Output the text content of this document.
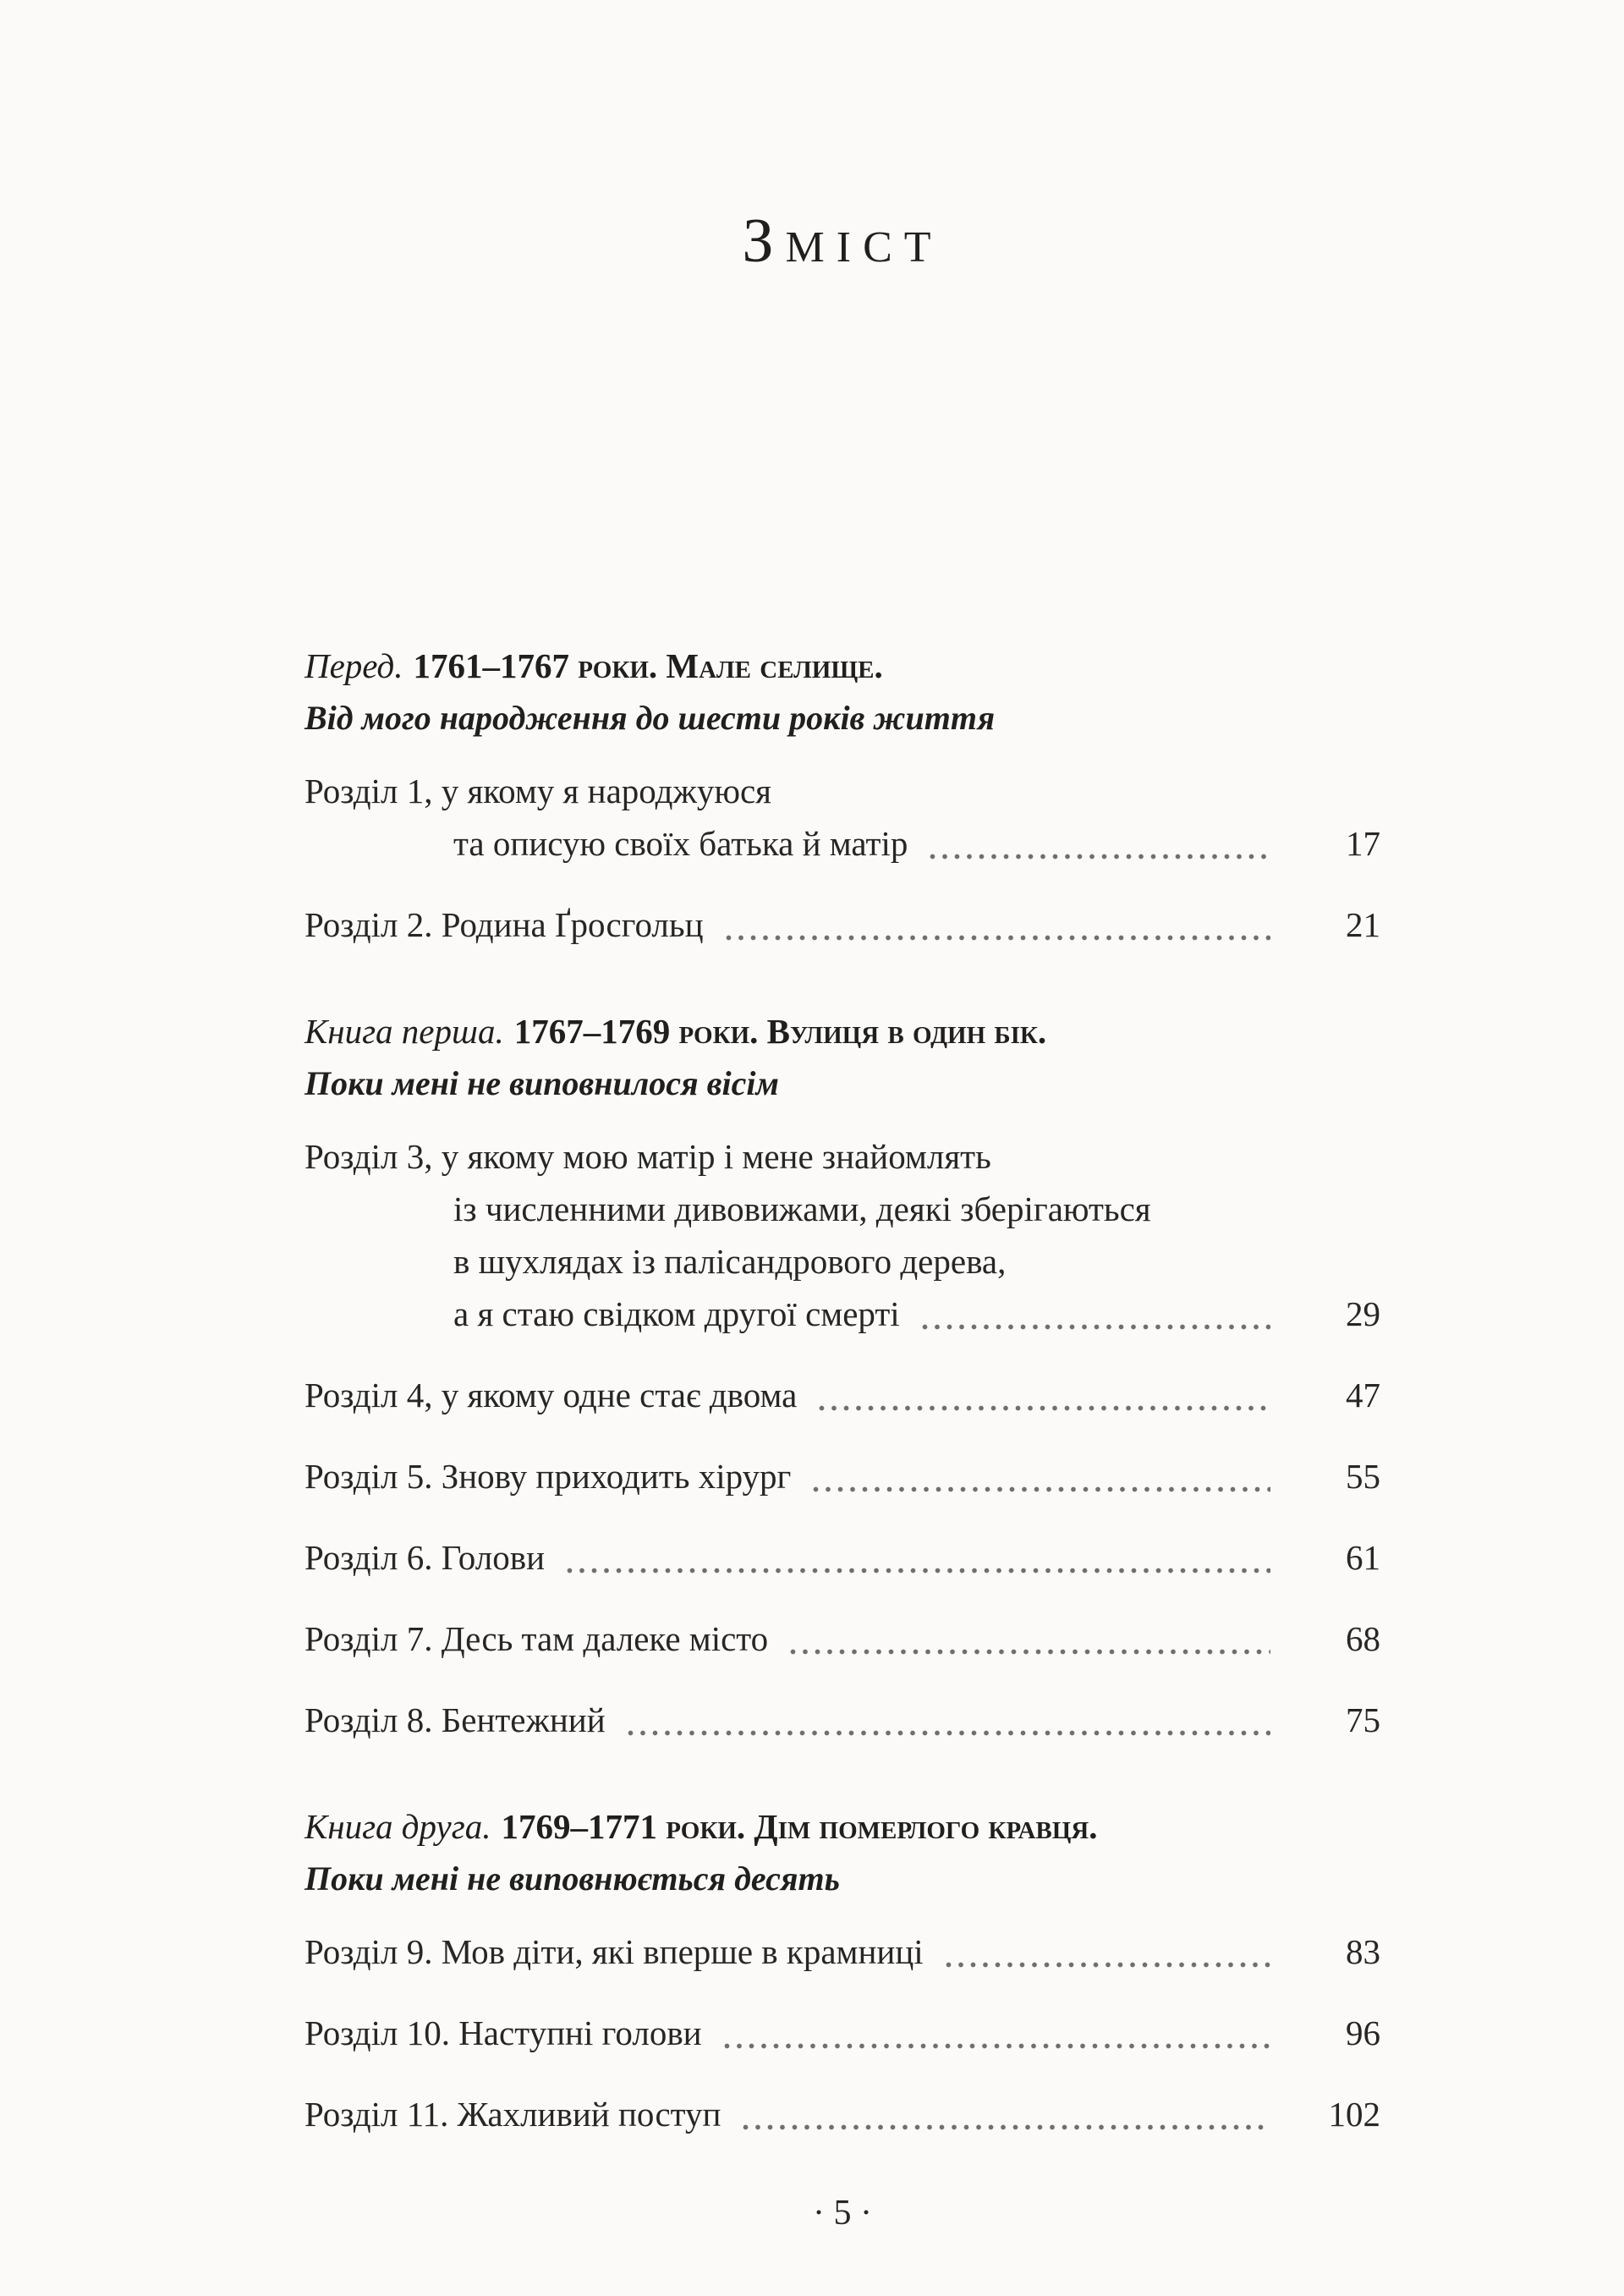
Зміст
Перед. 1761–1767 роки. Мале селище.
Від мого народження до шести років життя
Розділ 1, у якому я народжуюся
та описую своїх батька й матір	17
Розділ 2. Родина Ґросгольц	21
Книга перша. 1767–1769 роки. Вулиця в один бік.
Поки мені не виповнилося вісім
Розділ 3, у якому мою матір і мене знайомлять
із численними дивовижами, деякі зберігаються
в шухлядах із палісандрового дерева,
а я стаю свідком другої смерті	29
Розділ 4, у якому одне стає двома	47
Розділ 5. Знову приходить хірург	55
Розділ 6. Голови	61
Розділ 7. Десь там далеке місто	68
Розділ 8. Бентежний	75
Книга друга. 1769–1771 роки. Дім померлого кравця.
Поки мені не виповнюється десять
Розділ 9. Мов діти, які вперше в крамниці	83
Розділ 10. Наступні голови	96
Розділ 11. Жахливий поступ	102
· 5 ·
